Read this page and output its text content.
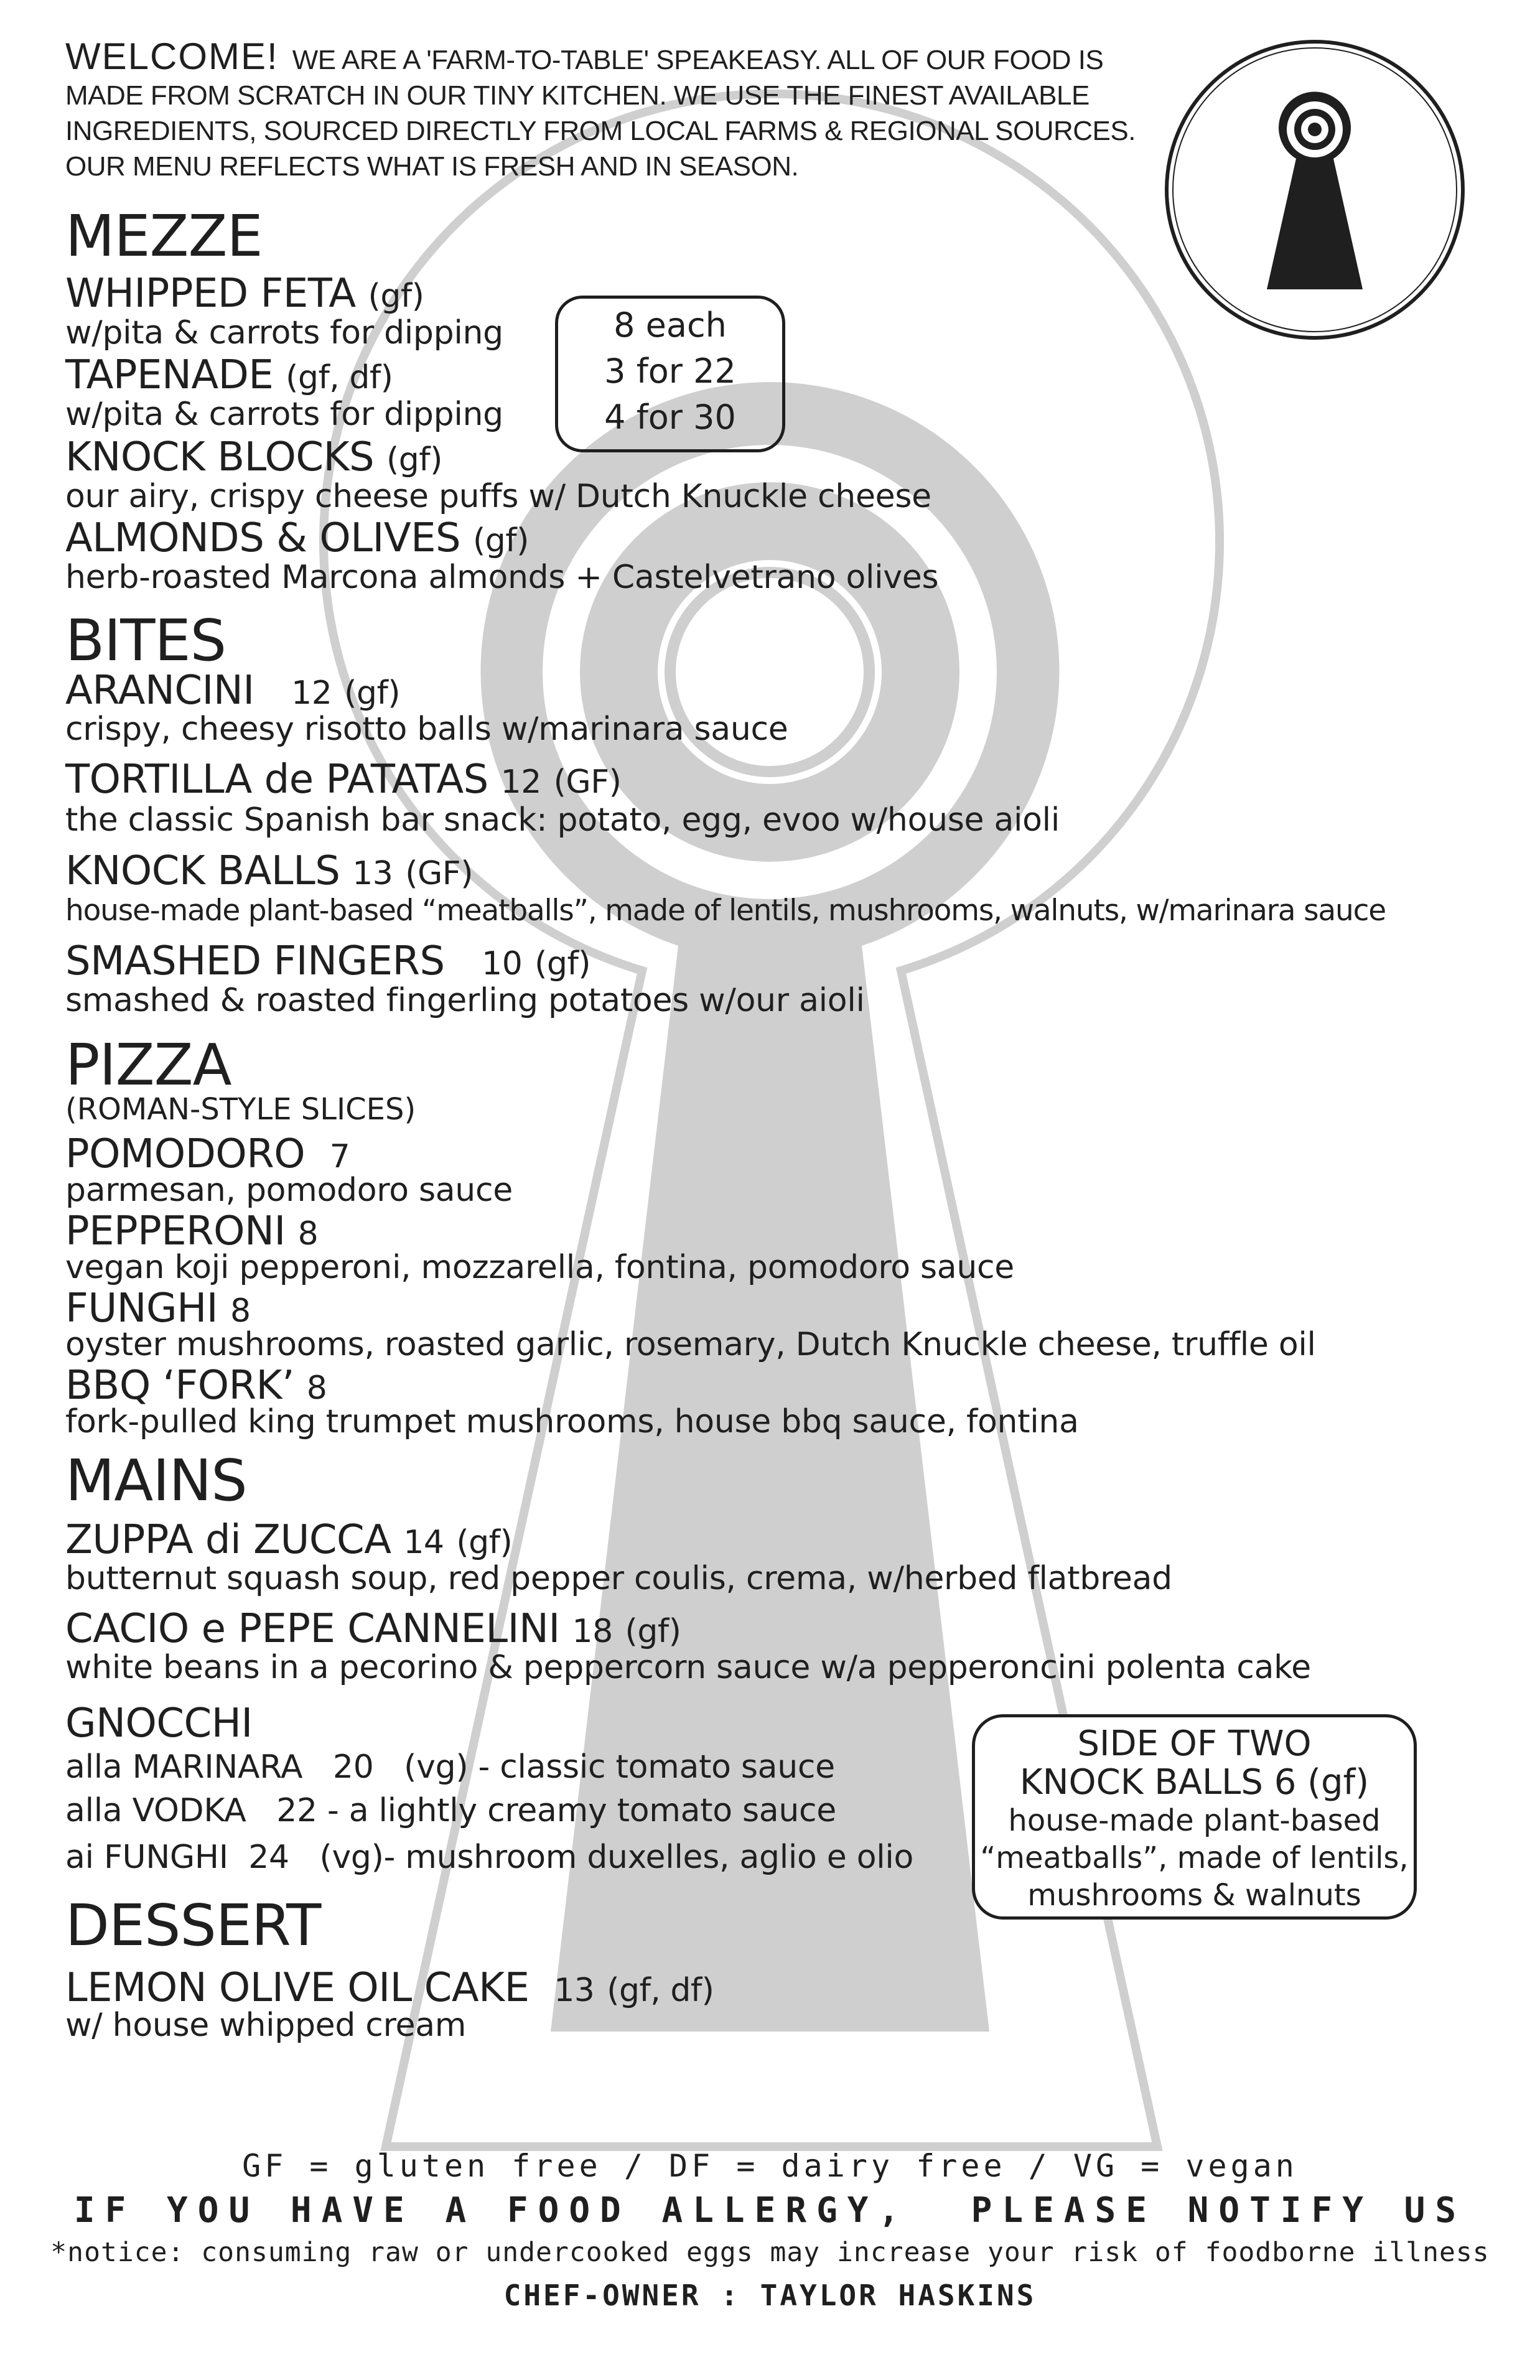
WELCOME! WE ARE A 'FARM-TO-TABLE' SPEAKEASY. ALL OF OUR FOOD IS MADE FROM SCRATCH IN OUR TINY KITCHEN. WE USE THE FINEST AVAILABLE INGREDIENTS, SOURCED DIRECTLY FROM LOCAL FARMS & REGIONAL SOURCES. OUR MENU REFLECTS WHAT IS FRESH AND IN SEASON.
MEZZE
WHIPPED FETA (gf)
w/pita & carrots for dipping
TAPENADE (gf, df)
w/pita & carrots for dipping
KNOCK BLOCKS (gf)
our airy, crispy cheese puffs w/ Dutch Knuckle cheese
ALMONDS & OLIVES (gf)
herb-roasted Marcona almonds + Castelvetrano olives
8 each
3 for 22
4 for 30
BITES
ARANCINI 12 (gf)
crispy, cheesy risotto balls w/marinara sauce
TORTILLA de PATATAS 12 (GF)
the classic Spanish bar snack: potato, egg, evoo w/house aioli
KNOCK BALLS 13 (GF)
house-made plant-based “meatballs”, made of lentils, mushrooms, walnuts, w/marinara sauce
SMASHED FINGERS 10 (gf)
smashed & roasted fingerling potatoes w/our aioli
PIZZA
(ROMAN-STYLE SLICES)
POMODORO 7
parmesan, pomodoro sauce
PEPPERONI 8
vegan koji pepperoni, mozzarella, fontina, pomodoro sauce
FUNGHI 8
oyster mushrooms, roasted garlic, rosemary, Dutch Knuckle cheese, truffle oil
BBQ ‘FORK’ 8
fork-pulled king trumpet mushrooms, house bbq sauce, fontina
MAINS
ZUPPA di ZUCCA 14 (gf)
butternut squash soup, red pepper coulis, crema, w/herbed flatbread
CACIO e PEPE CANNELINI 18 (gf)
white beans in a pecorino & peppercorn sauce w/a pepperoncini polenta cake
GNOCCHI
alla MARINARA   20   (vg) - classic tomato sauce
alla VODKA   22 - a lightly creamy tomato sauce
ai FUNGHI  24   (vg)- mushroom duxelles, aglio e olio
SIDE OF TWO
KNOCK BALLS 6 (gf)
house-made plant-based
“meatballs”, made of lentils,
mushrooms & walnuts
DESSERT
LEMON OLIVE OIL CAKE 13 (gf, df)
w/ house whipped cream
GF = gluten free / DF = dairy free / VG = vegan
IF YOU HAVE A FOOD ALLERGY,  PLEASE NOTIFY US
*notice: consuming raw or undercooked eggs may increase your risk of foodborne illness
CHEF-OWNER : TAYLOR HASKINS
